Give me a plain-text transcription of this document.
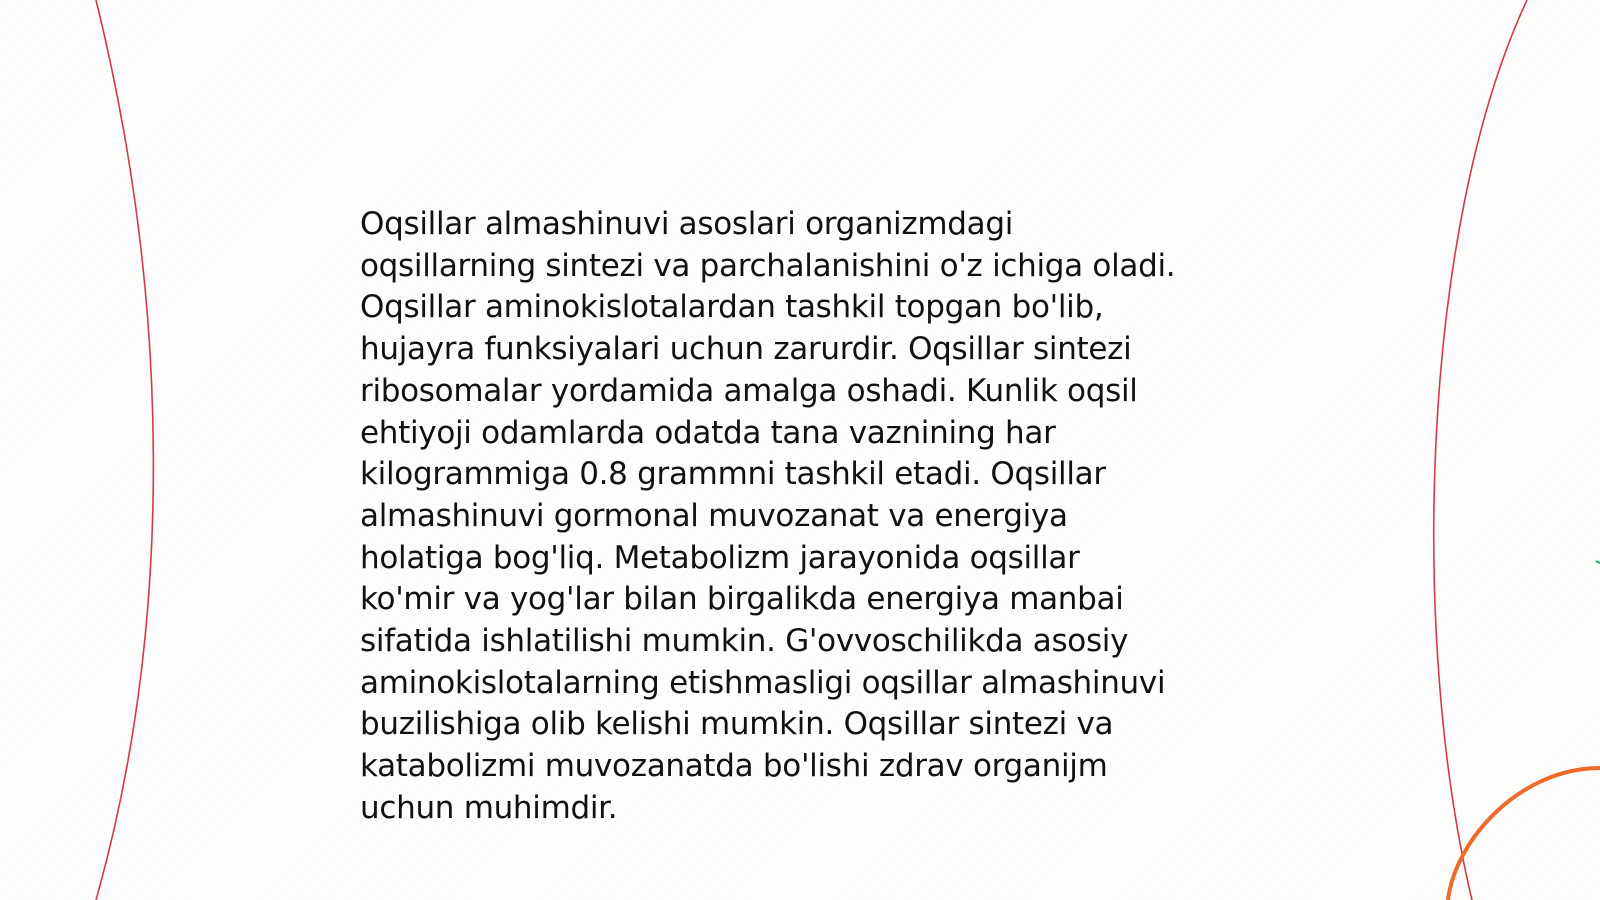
Oqsillar almashinuvi asoslari organizmdagi
oqsillarning sintezi va parchalanishini o'z ichiga oladi.
Oqsillar aminokislotalardan tashkil topgan bo'lib,
hujayra funksiyalari uchun zarurdir. Oqsillar sintezi
ribosomalar yordamida amalga oshadi. Kunlik oqsil
ehtiyoji odamlarda odatda tana vaznining har
kilogrammiga 0.8 grammni tashkil etadi. Oqsillar
almashinuvi gormonal muvozanat va energiya
holatiga bog'liq. Metabolizm jarayonida oqsillar
ko'mir va yog'lar bilan birgalikda energiya manbai
sifatida ishlatilishi mumkin. G'ovvoschilikda asosiy
aminokislotalarning etishmasligi oqsillar almashinuvi
buzilishiga olib kelishi mumkin. Oqsillar sintezi va
katabolizmi muvozanatda bo'lishi zdrav organijm
uchun muhimdir.
